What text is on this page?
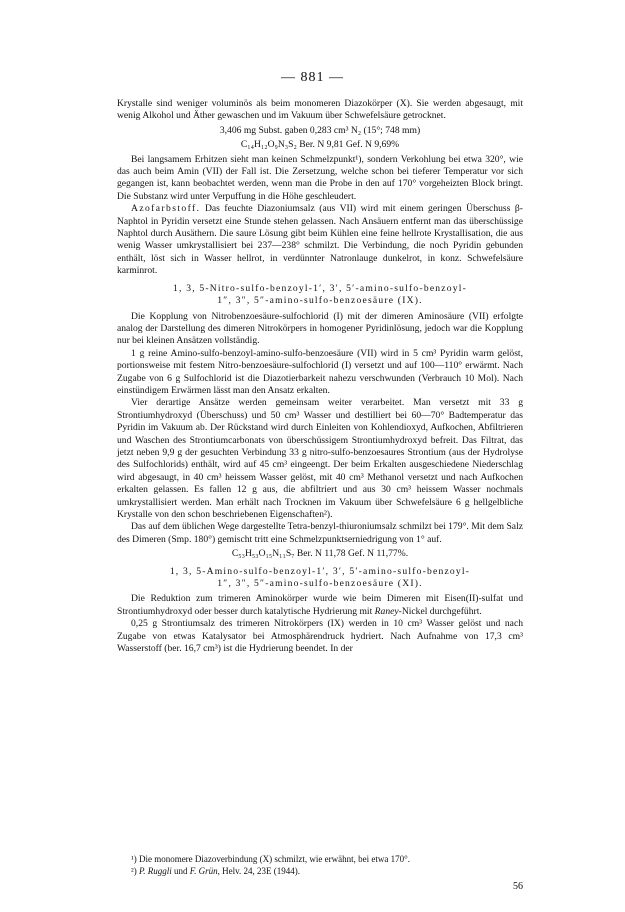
— 881 —

Krystalle sind weniger voluminös als beim monomeren Diazokörper (X). Sie werden abgesaugt, mit wenig Alkohol und Äther gewaschen und im Vakuum über Schwefelsäure getrocknet.

3,406 mg Subst. gaben 0,283 cm³ N₂ (15°; 748 mm)

C₁₄H₁₂O₉N₃S₂ Ber. N 9,81 Gef. N 9,69%

Bei langsamem Erhitzen sieht man keinen Schmelzpunkt¹), sondern Verkohlung bei etwa 320°, wie das auch beim Amin (VII) der Fall ist. Die Zersetzung, welche schon bei tieferer Temperatur vor sich gegangen ist, kann beobachtet werden, wenn man die Probe in den auf 170° vorgeheizten Block bringt. Die Substanz wird unter Verpuffung in die Höhe geschleudert.

Azofarbstoff. Das feuchte Diazoniumsalz (aus VII) wird mit einem geringen Überschuss β-Naphtol in Pyridin versetzt eine Stunde stehen gelassen. Nach Ansäuern entfernt man das überschüssige Naphtol durch Ausäthern. Die saure Lösung gibt beim Kühlen eine feine hellrote Krystallisation, die aus wenig Wasser umkrystallisiert bei 237—238° schmilzt. Die Verbindung, die noch Pyridin gebunden enthält, löst sich in Wasser hellrot, in verdünnter Natronlauge dunkelrot, in konz. Schwefelsäure karminrot.

1, 3, 5-Nitro-sulfo-benzoyl-1′, 3′, 5′-amino-sulfo-benzoyl-
1″, 3″, 5″-amino-sulfo-benzoesäure (IX).

Die Kopplung von Nitrobenzoesäure-sulfochlorid (I) mit der dimeren Aminosäure (VII) erfolgte analog der Darstellung des dimeren Nitrokörpers in homogener Pyridinlösung, jedoch war die Kopplung nur bei kleinen Ansätzen vollständig.

1 g reine Amino-sulfo-benzoyl-amino-sulfo-benzoesäure (VII) wird in 5 cm³ Pyridin warm gelöst, portionsweise mit festem Nitro-benzoesäure-sulfochlorid (I) versetzt und auf 100—110° erwärmt. Nach Zugabe von 6 g Sulfochlorid ist die Diazotierbarkeit nahezu verschwunden (Verbrauch 10 Mol). Nach einstündigem Erwärmen lässt man den Ansatz erkalten.

Vier derartige Ansätze werden gemeinsam weiter verarbeitet. Man versetzt mit 33 g Strontiumhydroxyd (Überschuss) und 50 cm³ Wasser und destilliert bei 60—70° Badtemperatur das Pyridin im Vakuum ab. Der Rückstand wird durch Einleiten von Kohlendioxyd, Aufkochen, Abfiltrieren und Waschen des Strontiumcarbonats von überschüssigem Strontiumhydroxyd befreit. Das Filtrat, das jetzt neben 9,9 g der gesuchten Verbindung 33 g nitro-sulfo-benzoesaures Strontium (aus der Hydrolyse des Sulfochlorids) enthält, wird auf 45 cm³ eingeengt. Der beim Erkalten ausgeschiedene Niederschlag wird abgesaugt, in 40 cm³ heissem Wasser gelöst, mit 40 cm³ Methanol versetzt und nach Aufkochen erkalten gelassen. Es fallen 12 g aus, die abfiltriert und aus 30 cm³ heissem Wasser nochmals umkrystallisiert werden. Man erhält nach Trocknen im Vakuum über Schwefelsäure 6 g hellgelbliche Krystalle von den schon beschriebenen Eigenschaften²).

Das auf dem üblichen Wege dargestellte Tetra-benzyl-thiuroniumsalz schmilzt bei 179°. Mit dem Salz des Dimeren (Smp. 180°) gemischt tritt eine Schmelzpunktserniedrigung von 1° auf.

C₅₃H₅₃O₁₅N₁₁S₇ Ber. N 11,78 Gef. N 11,77%.

1, 3, 5-Amino-sulfo-benzoyl-1′, 3′, 5′-amino-sulfo-benzoyl-
1″, 3″, 5″-amino-sulfo-benzoesäure (XI).

Die Reduktion zum trimeren Aminokörper wurde wie beim Dimeren mit Eisen(II)-sulfat und Strontiumhydroxyd oder besser durch katalytische Hydrierung mit Raney-Nickel durchgeführt.

0,25 g Strontiumsalz des trimeren Nitrokörpers (IX) werden in 10 cm³ Wasser gelöst und nach Zugabe von etwas Katalysator bei Atmosphärendruck hydriert. Nach Aufnahme von 17,3 cm³ Wasserstoff (ber. 16,7 cm³) ist die Hydrierung beendet. In der

¹) Die monomere Diazoverbindung (X) schmilzt, wie erwähnt, bei etwa 170°.

²) P. Ruggli und F. Grün, Helv. 24, 23E (1944).

56
